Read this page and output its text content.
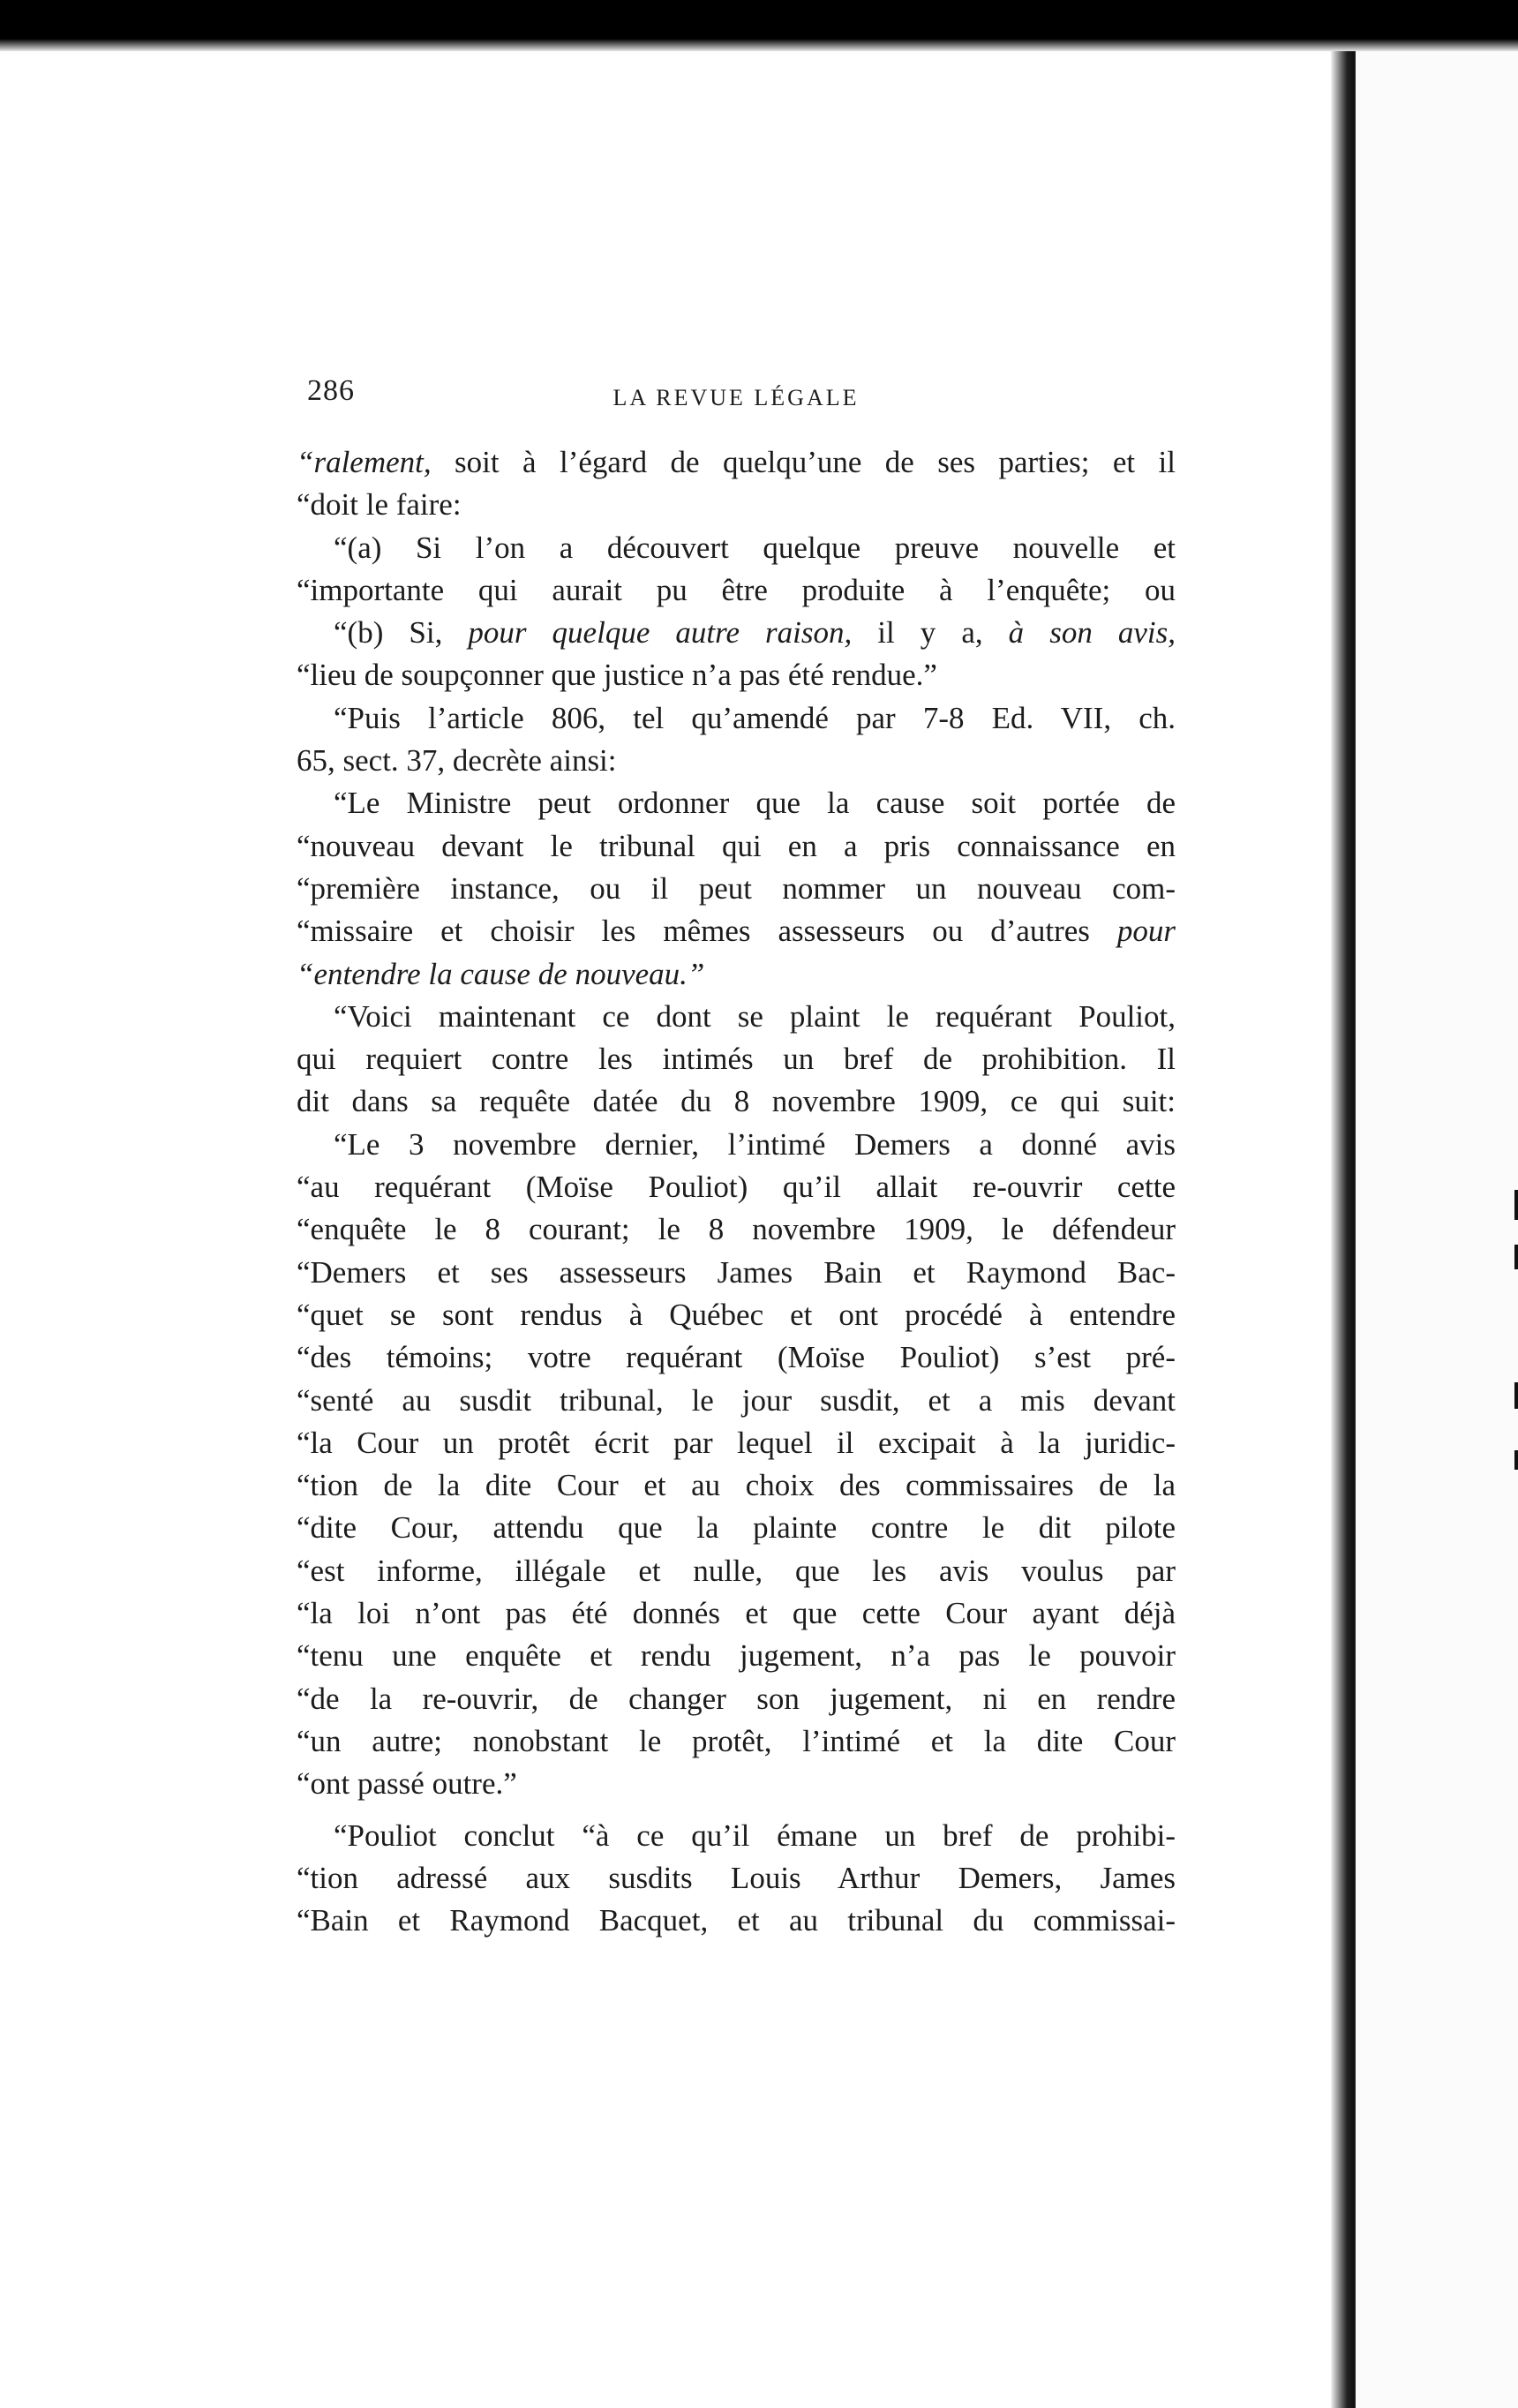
286	LA REVUE LÉGALE
“ralement, soit à l’égard de quelqu’une de ses parties; et il
“doit le faire:
“(a) Si l’on a découvert quelque preuve nouvelle et
“importante qui aurait pu être produite à l’enquête; ou
“(b) Si, pour quelque autre raison, il y a, à son avis,
“lieu de soupçonner que justice n’a pas été rendue.”
“Puis l’article 806, tel qu’amendé par 7-8 Ed. VII, ch.
65, sect. 37, decrète ainsi:
“Le Ministre peut ordonner que la cause soit portée de
“nouveau devant le tribunal qui en a pris connaissance en
“première instance, ou il peut nommer un nouveau com-
“missaire et choisir les mêmes assesseurs ou d’autres pour
“entendre la cause de nouveau.”
“Voici maintenant ce dont se plaint le requérant Pouliot,
qui requiert contre les intimés un bref de prohibition. Il
dit dans sa requête datée du 8 novembre 1909, ce qui suit:
“Le 3 novembre dernier, l’intimé Demers a donné avis
“au requérant (Moïse Pouliot) qu’il allait re-ouvrir cette
“enquête le 8 courant; le 8 novembre 1909, le défendeur
“Demers et ses assesseurs James Bain et Raymond Bac-
“quet se sont rendus à Québec et ont procédé à entendre
“des témoins; votre requérant (Moïse Pouliot) s’est pré-
“senté au susdit tribunal, le jour susdit, et a mis devant
“la Cour un protêt écrit par lequel il excipait à la juridic-
“tion de la dite Cour et au choix des commissaires de la
“dite Cour, attendu que la plainte contre le dit pilote
“est informe, illégale et nulle, que les avis voulus par
“la loi n’ont pas été donnés et que cette Cour ayant déjà
“tenu une enquête et rendu jugement, n’a pas le pouvoir
“de la re-ouvrir, de changer son jugement, ni en rendre
“un autre; nonobstant le protêt, l’intimé et la dite Cour
“ont passé outre.”
“Pouliot conclut “à ce qu’il émane un bref de prohibi-
“tion adressé aux susdits Louis Arthur Demers, James
“Bain et Raymond Bacquet, et au tribunal du commissai-
